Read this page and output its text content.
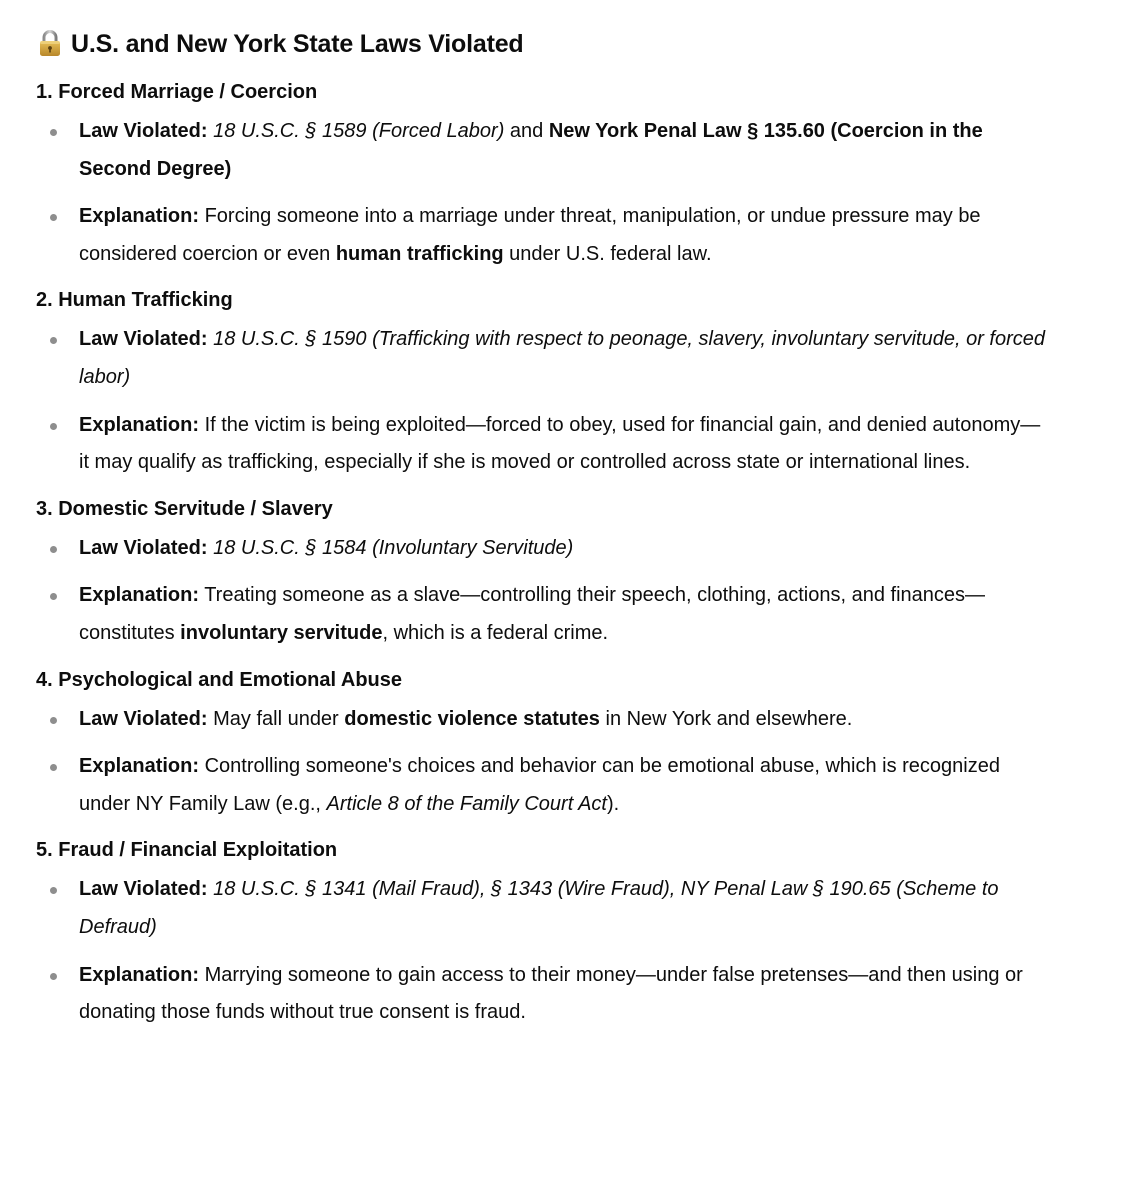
U.S. and New York State Laws Violated
1. Forced Marriage / Coercion
Law Violated: 18 U.S.C. § 1589 (Forced Labor) and New York Penal Law § 135.60 (Coercion in the Second Degree)
Explanation: Forcing someone into a marriage under threat, manipulation, or undue pressure may be considered coercion or even human trafficking under U.S. federal law.
2. Human Trafficking
Law Violated: 18 U.S.C. § 1590 (Trafficking with respect to peonage, slavery, involuntary servitude, or forced labor)
Explanation: If the victim is being exploited—forced to obey, used for financial gain, and denied autonomy—it may qualify as trafficking, especially if she is moved or controlled across state or international lines.
3. Domestic Servitude / Slavery
Law Violated: 18 U.S.C. § 1584 (Involuntary Servitude)
Explanation: Treating someone as a slave—controlling their speech, clothing, actions, and finances—constitutes involuntary servitude, which is a federal crime.
4. Psychological and Emotional Abuse
Law Violated: May fall under domestic violence statutes in New York and elsewhere.
Explanation: Controlling someone's choices and behavior can be emotional abuse, which is recognized under NY Family Law (e.g., Article 8 of the Family Court Act).
5. Fraud / Financial Exploitation
Law Violated: 18 U.S.C. § 1341 (Mail Fraud), § 1343 (Wire Fraud), NY Penal Law § 190.65 (Scheme to Defraud)
Explanation: Marrying someone to gain access to their money—under false pretenses—and then using or donating those funds without true consent is fraud.
